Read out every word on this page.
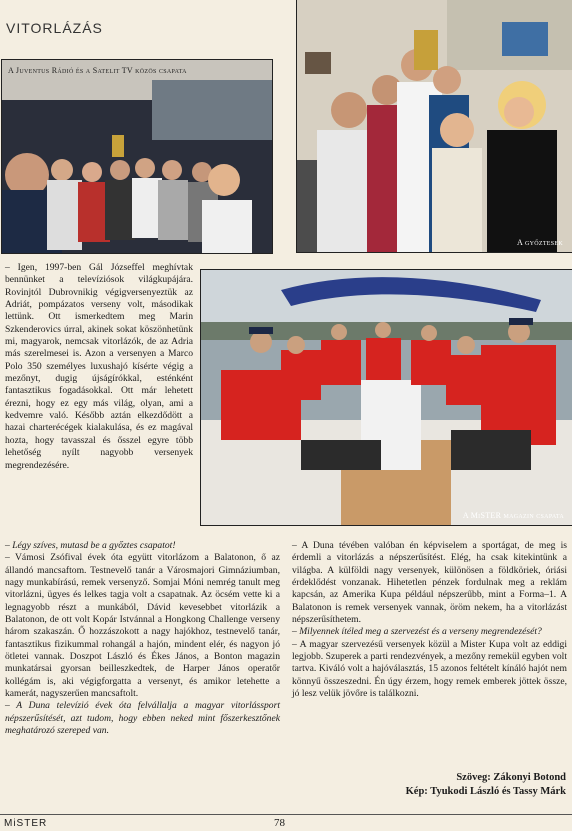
VITORLÁZÁS
A Juventus Rádió és a Satelit TV közös csapata
A győztesek
A MiSTER magazin csapata

– Igen, 1997-ben Gál Józseffel meghívtak bennünket a televíziósok világkupájára. Rovinjtól Dubrovnikig végigversenyeztük az Adriát, pompázatos verseny volt, másodikak lettünk. Ott ismerkedtem meg Marin Szkenderovics úrral, akinek sokat köszönhetünk mi, magyarok, nemcsak vitorlázók, de az Adria más szerelmesei is. Azon a versenyen a Marco Polo 350 személyes luxushajó kísérte végig a mezőnyt, dugig újságírókkal, esténként fantasztikus fogadásokkal. Ott már lehetett érezni, hogy ez egy más világ, olyan, ami a kedvemre való. Később aztán elkezdődött a hazai charterécégek kialakulása, és ez magával hozta, hogy tavasszal és ősszel egyre több lehetőség nyílt nagyobb versenyek megrendezésére.

– Légy szíves, mutasd be a győztes csapatot!

– Vámosi Zsófival évek óta együtt vitorlázom a Balatonon, ő az állandó mancsaftom. Testnevelő tanár a Városmajori Gimnáziumban, nagy munkabírású, remek versenyző. Somjai Móni nemrég tanult meg vitorlázni, ügyes és lelkes tagja volt a csapatnak. Az öcsém vette ki a legnagyobb részt a munkából, Dávid kevesebbet vitorlázik a Balatonon, de ott volt Kopár Istvánnal a Hongkong Challenge verseny három szakaszán. Ő hozzászokott a nagy hajókhoz, testnevelő tanár, fantasztikus fizikummal rohangál a hajón, mindent elér, és nagyon jó ötletei vannak. Doszpot László és Ékes János, a Bonton magazin munkatársai gyorsan beilleszkedtek, de Harper János operatőr kollégám is, aki végigforgatta a versenyt, és amikor letehette a kamerát, nagyszerűen mancsaftolt.

– A Duna televízió évek óta felvállalja a magyar vitorlássport népszerűsítését, azt tudom, hogy ebben neked mint főszerkesztőnek meghatározó szereped van.

– A Duna tévében valóban én képviselem a sportágat, de meg is érdemli a vitorlázás a népszerűsítést. Elég, ha csak kitekintünk a világba. A külföldi nagy versenyek, különösen a földköriek, óriási érdeklődést vonzanak. Hihetetlen pénzek fordulnak meg a reklám kapcsán, az Amerika Kupa például népszerűbb, mint a Forma–1. A Balatonon is remek versenyek vannak, öröm nekem, ha a vitorlázást népszerűsíthetem.

– Milyennek ítéled meg a szervezést és a verseny megrendezését?

– A magyar szervezésű versenyek közül a Mister Kupa volt az eddigi legjobb. Szuperek a parti rendezvények, a mezőny remekül egyben volt tartva. Kiváló volt a hajóválasztás, 15 azonos feltételt kínáló hajót nem könnyű összeszedni. Én úgy érzem, hogy remek emberek jöttek össze, jó lesz velük jövőre is találkozni.

Szöveg: Zákonyi Botond
Kép: Tyukodi László és Tassy Márk
MiSTER	78
